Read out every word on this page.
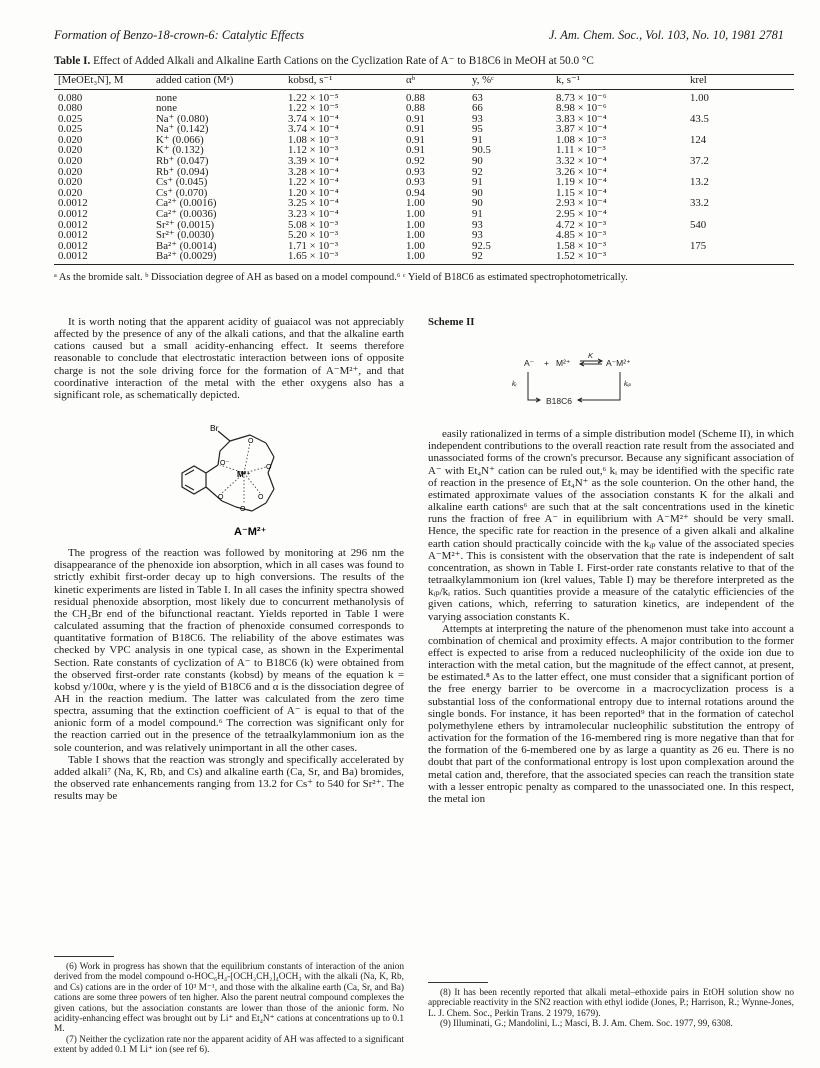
Formation of Benzo-18-crown-6: Catalytic Effects	J. Am. Chem. Soc., Vol. 103, No. 10, 1981 2781
Table I. Effect of Added Alkali and Alkaline Earth Cations on the Cyclization Rate of A⁻ to B18C6 in MeOH at 50.0 °C
[MeOEt₃N], M	added cation (Mᵃ)	kobsd, s⁻¹	αᵇ	y, %ᶜ	k, s⁻¹	krel

0.080	none	1.22 × 10⁻⁵	0.88	63	8.73 × 10⁻⁶	1.00
0.080	none	1.22 × 10⁻⁵	0.88	66	8.98 × 10⁻⁶	
0.025	Na⁺ (0.080)	3.74 × 10⁻⁴	0.91	93	3.83 × 10⁻⁴	43.5
0.025	Na⁺ (0.142)	3.74 × 10⁻⁴	0.91	95	3.87 × 10⁻⁴	
0.020	K⁺ (0.066)	1.08 × 10⁻³	0.91	91	1.08 × 10⁻³	124
0.020	K⁺ (0.132)	1.12 × 10⁻³	0.91	90.5	1.11 × 10⁻³	
0.020	Rb⁺ (0.047)	3.39 × 10⁻⁴	0.92	90	3.32 × 10⁻⁴	37.2
0.020	Rb⁺ (0.094)	3.28 × 10⁻⁴	0.93	92	3.26 × 10⁻⁴	
0.020	Cs⁺ (0.045)	1.22 × 10⁻⁴	0.93	91	1.19 × 10⁻⁴	13.2
0.020	Cs⁺ (0.070)	1.20 × 10⁻⁴	0.94	90	1.15 × 10⁻⁴	
0.0012	Ca²⁺ (0.0016)	3.25 × 10⁻⁴	1.00	90	2.93 × 10⁻⁴	33.2
0.0012	Ca²⁺ (0.0036)	3.23 × 10⁻⁴	1.00	91	2.95 × 10⁻⁴	
0.0012	Sr²⁺ (0.0015)	5.08 × 10⁻³	1.00	93	4.72 × 10⁻³	540
0.0012	Sr²⁺ (0.0030)	5.20 × 10⁻³	1.00	93	4.85 × 10⁻³	
0.0012	Ba²⁺ (0.0014)	1.71 × 10⁻³	1.00	92.5	1.58 × 10⁻³	175
0.0012	Ba²⁺ (0.0029)	1.65 × 10⁻³	1.00	92	1.52 × 10⁻³	
ᵃ As the bromide salt. ᵇ Dissociation degree of AH as based on a model compound.⁶ ᶜ Yield of B18C6 as estimated spectrophotometrically.

It is worth noting that the apparent acidity of guaiacol was not appreciably affected by the presence of any of the alkali cations, and that the alkaline earth cations caused but a small acidity-enhancing effect. It seems therefore reasonable to conclude that electrostatic interaction between ions of opposite charge is not the sole driving force for the formation of A⁻M²⁺, and that coordinative interaction of the metal with the ether oxygens also has a significant role, as schematically depicted.

Br
O⁻
O
O
O
O
O
M²⁺
A⁻M²⁺

The progress of the reaction was followed by monitoring at 296 nm the disappearance of the phenoxide ion absorption, which in all cases was found to strictly exhibit first-order decay up to high conversions. The results of the kinetic experiments are listed in Table I. In all cases the infinity spectra showed residual phenoxide absorption, most likely due to concurrent methanolysis of the CH₂Br end of the bifunctional reactant. Yields reported in Table I were calculated assuming that the fraction of phenoxide consumed corresponds to quantitative formation of B18C6. The reliability of the above estimates was checked by VPC analysis in one typical case, as shown in the Experimental Section. Rate constants of cyclization of A⁻ to B18C6 (k) were obtained from the observed first-order rate constants (kobsd) by means of the equation k = kobsd y/100α, where y is the yield of B18C6 and α is the dissociation degree of AH in the reaction medium. The latter was calculated from the zero time spectra, assuming that the extinction coefficient of A⁻ is equal to that of the anionic form of a model compound.⁶ The correction was significant only for the reaction carried out in the presence of the tetraalkylammonium ion as the sole counterion, and was relatively unimportant in all the other cases.

Table I shows that the reaction was strongly and specifically accelerated by added alkali⁷ (Na, K, Rb, and Cs) and alkaline earth (Ca, Sr, and Ba) bromides, the observed rate enhancements ranging from 13.2 for Cs⁺ to 540 for Sr²⁺. The results may be

(6) Work in progress has shown that the equilibrium constants of interaction of the anion derived from the model compound o-HOC₆H₄-[OCH₂CH₂]₄OCH₃ with the alkali (Na, K, Rb, and Cs) cations are in the order of 10³ M⁻¹, and those with the alkaline earth (Ca, Sr, and Ba) cations are some three powers of ten higher. Also the parent neutral compound complexes the given cations, but the association constants are lower than those of the anionic form. No acidity-enhancing effect was brought out by Li⁺ and Et₄N⁺ cations at concentrations up to 0.1 M.

(7) Neither the cyclization rate nor the apparent acidity of AH was affected to a significant extent by added 0.1 M Li⁺ ion (see ref 6).

Scheme II

A⁻ + M²⁺
K
A⁻M²⁺
B18C6
kᵢ	kᵢₚ

easily rationalized in terms of a simple distribution model (Scheme II), in which independent contributions to the overall reaction rate result from the associated and unassociated forms of the crown's precursor. Because any significant association of A⁻ with Et₄N⁺ cation can be ruled out,⁶ kᵢ may be identified with the specific rate of reaction in the presence of Et₄N⁺ as the sole counterion. On the other hand, the estimated approximate values of the association constants K for the alkali and alkaline earth cations⁶ are such that at the salt concentrations used in the kinetic runs the fraction of free A⁻ in equilibrium with A⁻M²⁺ should be very small. Hence, the specific rate for reaction in the presence of a given alkali and alkaline earth cation should practically coincide with the kᵢₚ value of the associated species A⁻M²⁺. This is consistent with the observation that the rate is independent of salt concentration, as shown in Table I. First-order rate constants relative to that of the tetraalkylammonium ion (krel values, Table I) may be therefore interpreted as the kᵢₚ/kᵢ ratios. Such quantities provide a measure of the catalytic efficiencies of the given cations, which, referring to saturation kinetics, are independent of the varying association constants K.

Attempts at interpreting the nature of the phenomenon must take into account a combination of chemical and proximity effects. A major contribution to the former effect is expected to arise from a reduced nucleophilicity of the oxide ion due to interaction with the metal cation, but the magnitude of the effect cannot, at present, be estimated.⁸ As to the latter effect, one must consider that a significant portion of the free energy barrier to be overcome in a macrocyclization process is a substantial loss of the conformational entropy due to internal rotations around the single bonds. For instance, it has been reported⁹ that in the formation of catechol polymethylene ethers by intramolecular nucleophilic substitution the entropy of activation for the formation of the 16-membered ring is more negative than that for the formation of the 6-membered one by as large a quantity as 26 eu. There is no doubt that part of the conformational entropy is lost upon complexation around the metal cation and, therefore, that the associated species can reach the transition state with a lesser entropic penalty as compared to the unassociated one. In this respect, the metal ion

(8) It has been recently reported that alkali metal–ethoxide pairs in EtOH solution show no appreciable reactivity in the SN2 reaction with ethyl iodide (Jones, P.; Harrison, R.; Wynne-Jones, L. J. Chem. Soc., Perkin Trans. 2 1979, 1679).

(9) Illuminati, G.; Mandolini, L.; Masci, B. J. Am. Chem. Soc. 1977, 99, 6308.
